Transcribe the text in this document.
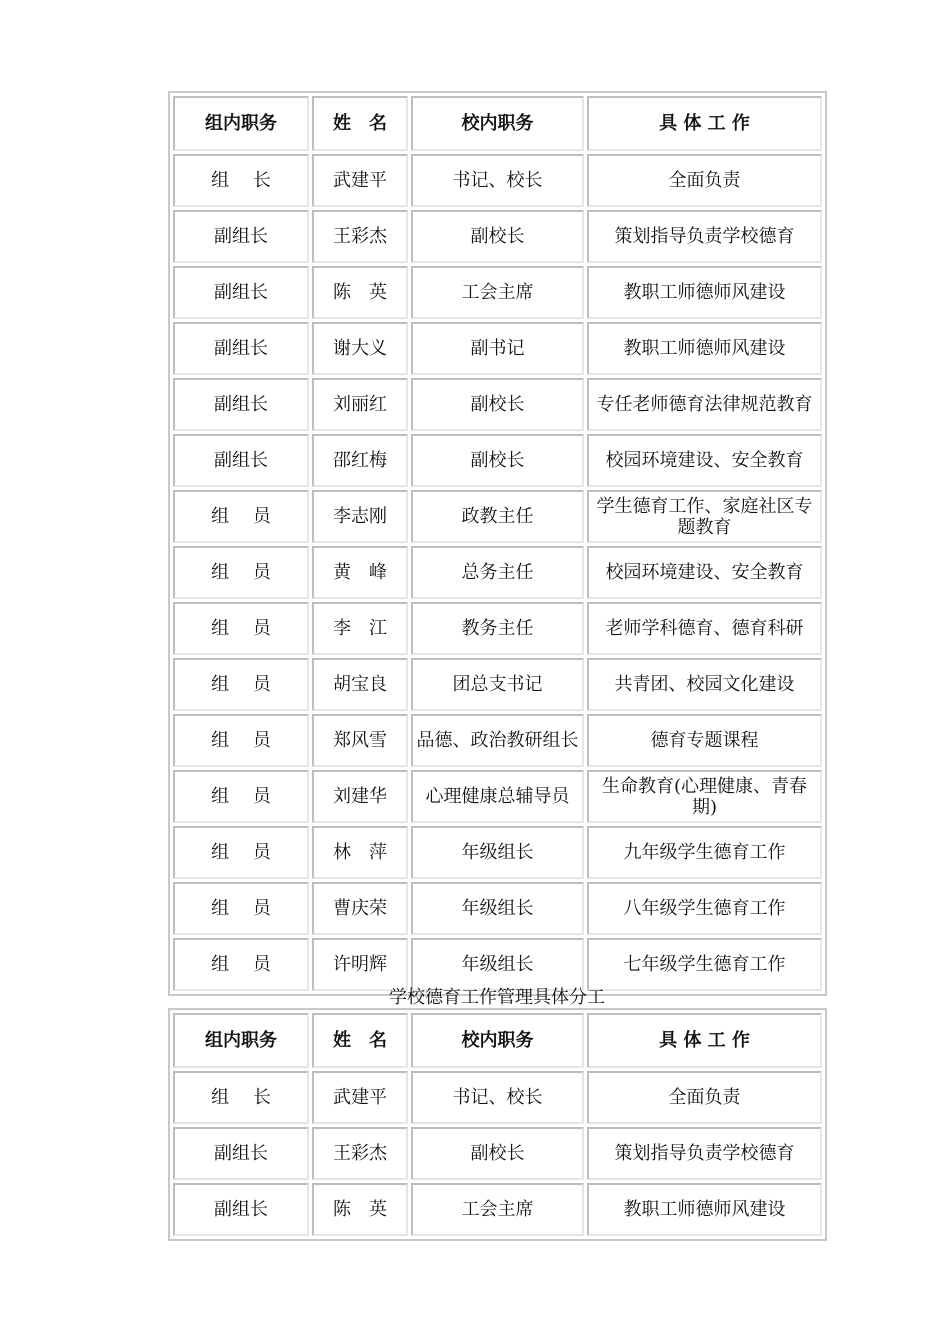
组内职务	姓　名	校内职务	具 体 工 作
组　 长	武建平	书记、校长	全面负责
副组长	王彩杰	副校长	策划指导负责学校德育
副组长	陈　英	工会主席	教职工师德师风建设
副组长	谢大义	副书记	教职工师德师风建设
副组长	刘丽红	副校长	专任老师德育法律规范教育
副组长	邵红梅	副校长	校园环境建设、安全教育
组　 员	李志刚	政教主任	学生德育工作、家庭社区专题教育
组　 员	黄　峰	总务主任	校园环境建设、安全教育
组　 员	李　江	教务主任	老师学科德育、德育科研
组　 员	胡宝良	团总支书记	共青团、校园文化建设
组　 员	郑风雪	品德、政治教研组长	德育专题课程
组　 员	刘建华	心理健康总辅导员	生命教育(心理健康、青春期)
组　 员	林　萍	年级组长	九年级学生德育工作
组　 员	曹庆荣	年级组长	八年级学生德育工作
组　 员	许明辉	年级组长	七年级学生德育工作
学校德育工作管理具体分工
组内职务	姓　名	校内职务	具 体 工 作
组　 长	武建平	书记、校长	全面负责
副组长	王彩杰	副校长	策划指导负责学校德育
副组长	陈　英	工会主席	教职工师德师风建设
